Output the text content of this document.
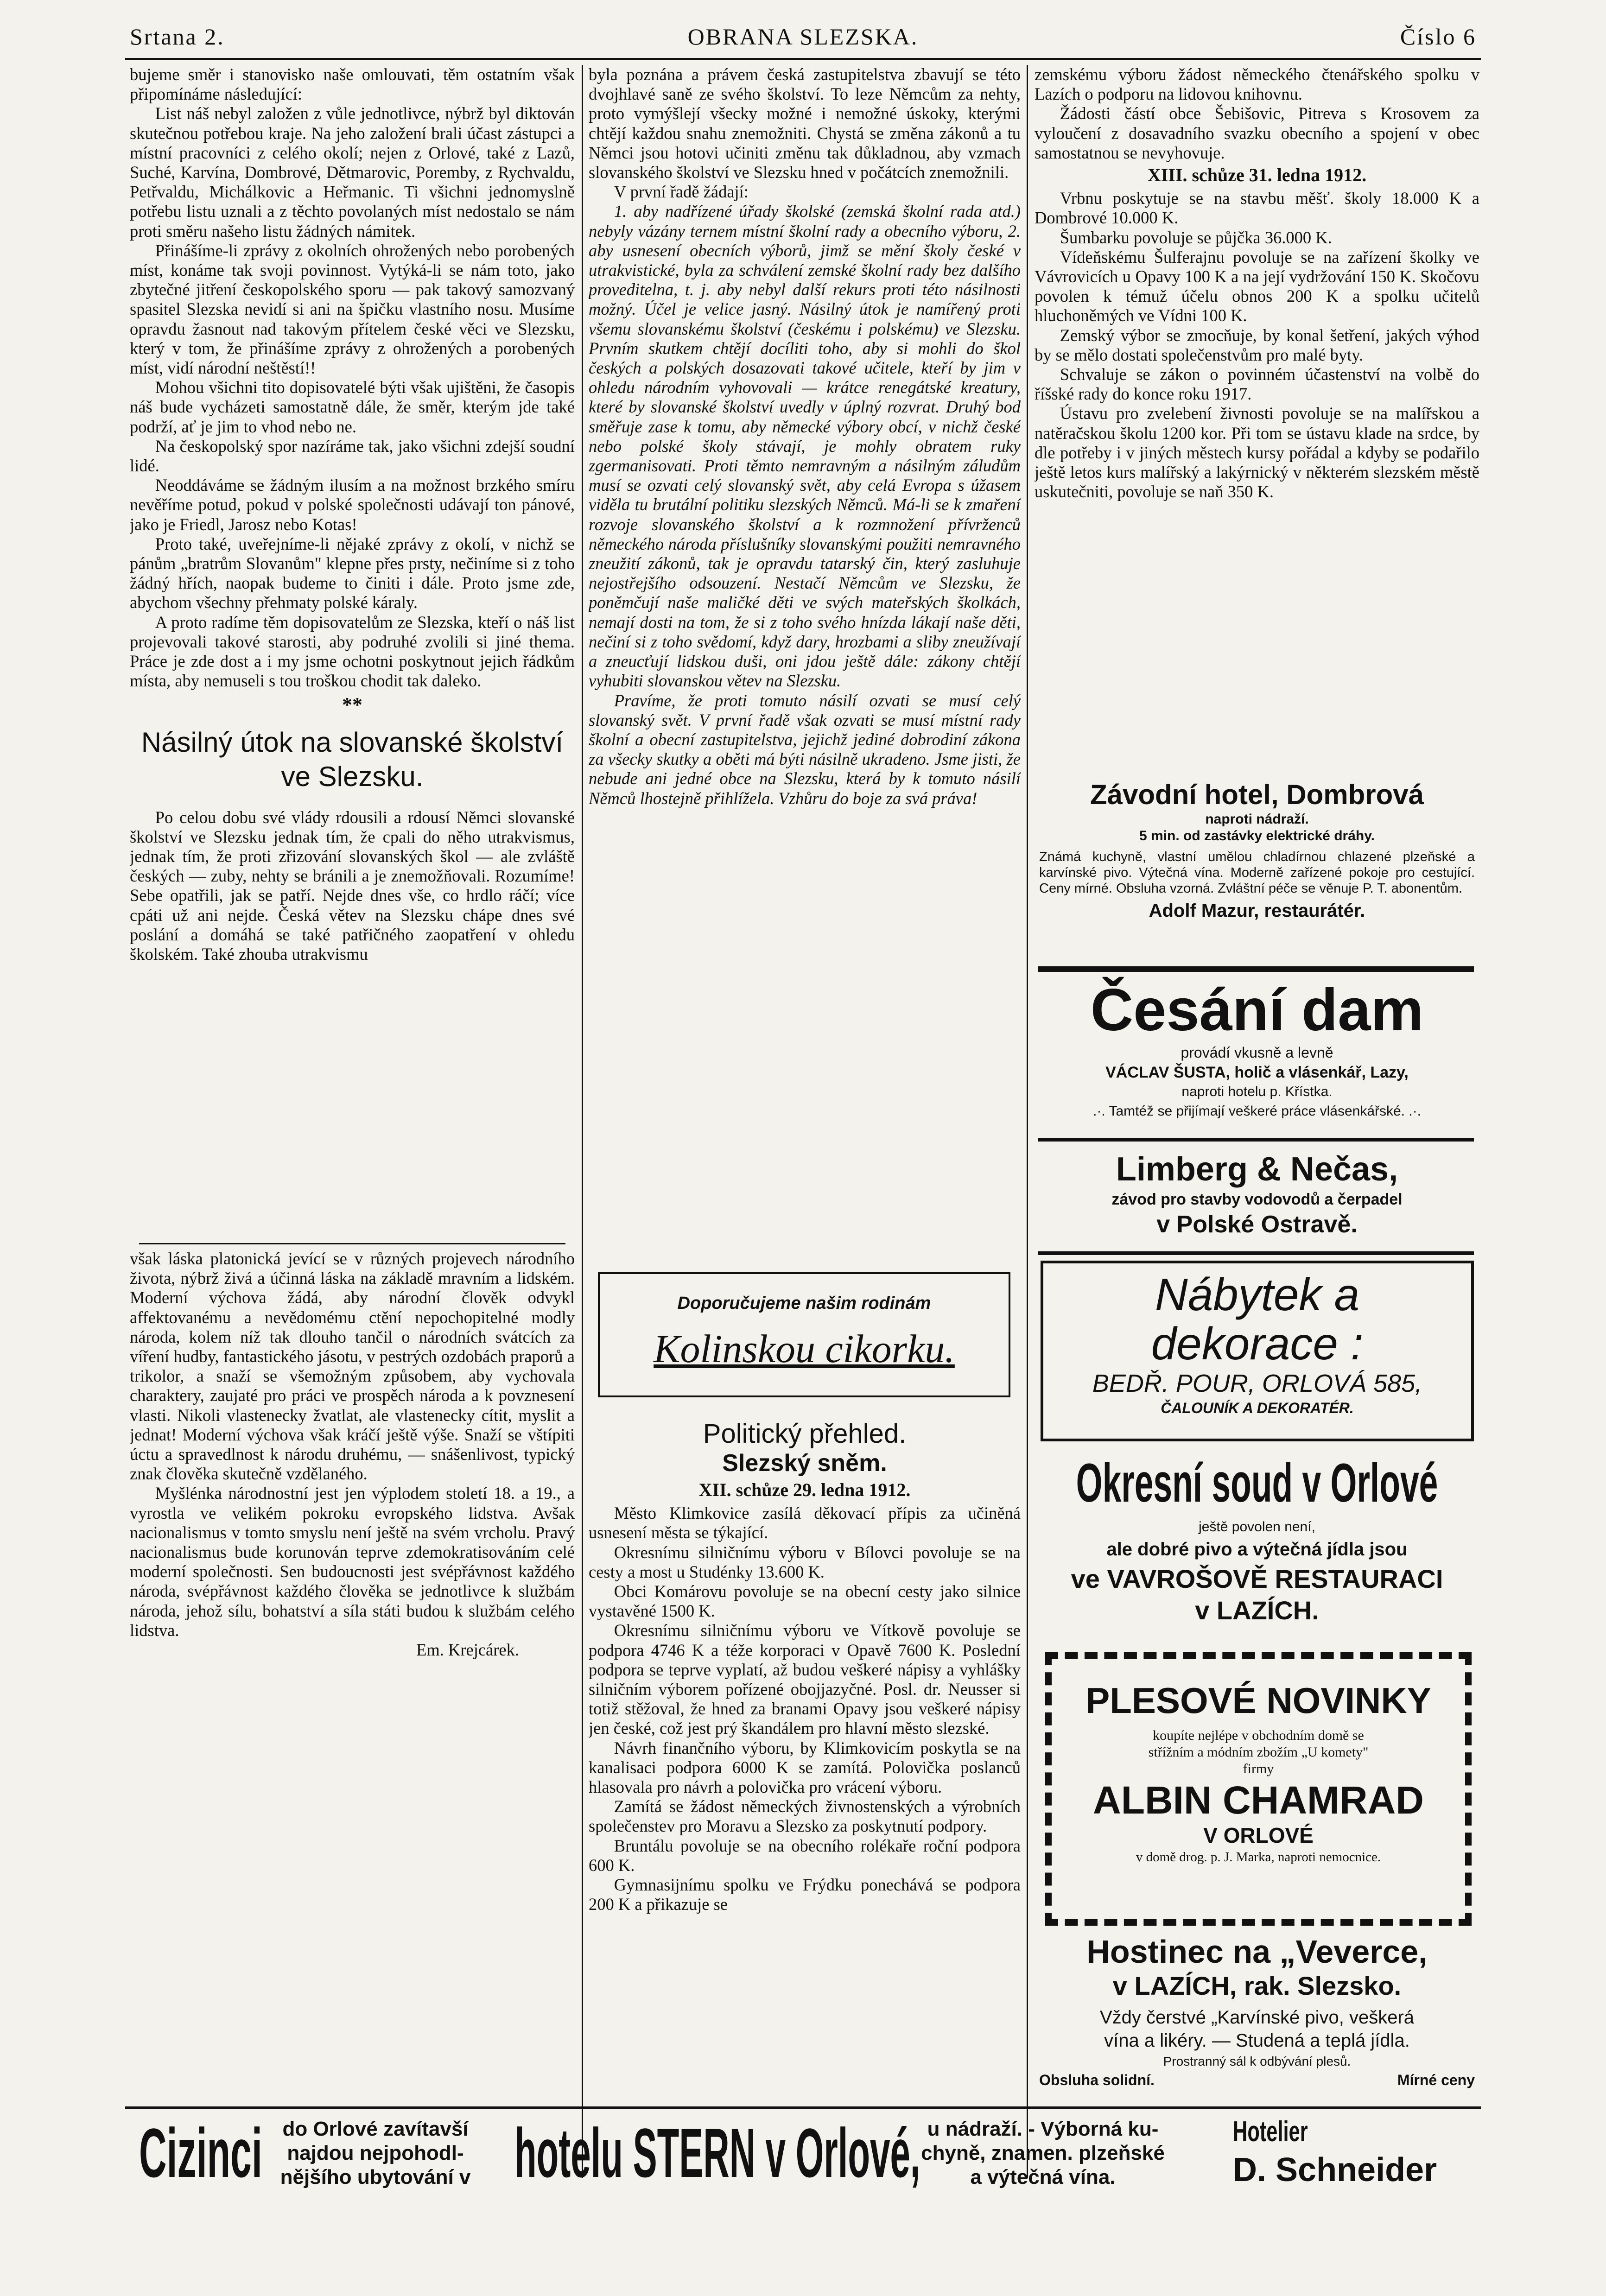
Srtana 2.	OBRANA SLEZSKA.	Číslo 6

bujeme směr i stanovisko naše omlouvati, těm ostatním však připomínáme následující:

List náš nebyl založen z vůle jednotlivce, nýbrž byl diktován skutečnou potřebou kraje. Na jeho založení brali účast zástupci a místní pracovníci z celého okolí; nejen z Orlové, také z Lazů, Suché, Karvína, Dombrové, Dětmarovic, Poremby, z Rychvaldu, Petřvaldu, Michálkovic a Heřmanic. Ti všichni jednomyslně potřebu listu uznali a z těchto povolaných míst nedostalo se nám proti směru našeho listu žádných námitek.

Přinášíme-li zprávy z okolních ohrožených nebo porobených míst, konáme tak svoji povinnost. Vytýká-li se nám toto, jako zbytečné jitření českopolského sporu — pak takový samozvaný spasitel Slezska nevidí si ani na špičku vlastního nosu. Musíme opravdu žasnout nad takovým přítelem české věci ve Slezsku, který v tom, že přinášíme zprávy z ohrožených a porobených míst, vidí národní neštěstí!!

Mohou všichni tito dopisovatelé býti však ujištěni, že časopis náš bude vycházeti samostatně dále, že směr, kterým jde také podrží, ať je jim to vhod nebo ne.

Na českopolský spor nazíráme tak, jako všichni zdejší soudní lidé.

Neoddáváme se žádným ilusím a na možnost brzkého smíru nevěříme potud, pokud v polské společnosti udávají ton pánové, jako je Friedl, Jarosz nebo Kotas!

Proto také, uveřejníme-li nějaké zprávy z okolí, v nichž se pánům „bratrům Slovanům" klepne přes prsty, nečiníme si z toho žádný hřích, naopak budeme to činiti i dále. Proto jsme zde, abychom všechny přehmaty polské káraly.

A proto radíme těm dopisovatelům ze Slezska, kteří o náš list projevovali takové starosti, aby podruhé zvolili si jiné thema. Práce je zde dost a i my jsme ochotni poskytnout jejich řádkům místa, aby nemuseli s tou troškou chodit tak daleko.

**
Násilný útok na slovanské školství ve Slezsku.

Po celou dobu své vlády rdousili a rdousí Němci slovanské školství ve Slezsku jednak tím, že cpali do něho utrakvismus, jednak tím, že proti zřizování slovanských škol — ale zvláště českých — zuby, nehty se bránili a je znemožňovali. Rozumíme! Sebe opatřili, jak se patří. Nejde dnes vše, co hrdlo ráčí; více cpáti už ani nejde. Česká větev na Slezsku chápe dnes své poslání a domáhá se také patřičného zaopatření v ohledu školském. Také zhouba utrakvismu

však láska platonická jevící se v různých projevech národního života, nýbrž živá a účinná láska na základě mravním a lidském. Moderní výchova žádá, aby národní člověk odvykl affektovanému a nevědomému ctění nepochopitelné modly národa, kolem níž tak dlouho tančil o národních svátcích za víření hudby, fantastického jásotu, v pestrých ozdobách praporů a trikolor, a snaží se všemožným způsobem, aby vychovala charaktery, zaujaté pro práci ve prospěch národa a k povznesení vlasti. Nikoli vlastenecky žvatlat, ale vlastenecky cítit, myslit a jednat! Moderní výchova však kráčí ještě výše. Snaží se vštípiti úctu a spravedlnost k národu druhému, — snášenlivost, typický znak člověka skutečně vzdělaného.

Myšlénka národnostní jest jen výplodem století 18. a 19., a vyrostla ve velikém pokroku evropského lidstva. Avšak nacionalismus v tomto smyslu není ještě na svém vrcholu. Pravý nacionalismus bude korunován teprve zdemokratisováním celé moderní společnosti. Sen budoucnosti jest svépřávnost každého národa, svépřávnost každého člověka se jednotlivce k službám národa, jehož sílu, bohatství a síla státi budou k službám celého lidstva.

Em. Krejcárek.

byla poznána a právem česká zastupitelstva zbavují se této dvojhlavé saně ze svého školství. To leze Němcům za nehty, proto vymýšlejí všecky možné i nemožné úskoky, kterými chtějí každou snahu znemožniti. Chystá se změna zákonů a tu Němci jsou hotovi učiniti změnu tak důkladnou, aby vzmach slovanského školství ve Slezsku hned v počátcích znemožnili.

V první řadě žádají:

1. aby nadřízené úřady školské (zemská školní rada atd.) nebyly vázány ternem místní školní rady a obecního výboru, 2. aby usnesení obecních výborů, jimž se mění školy české v utrakvistické, byla za schválení zemské školní rady bez dalšího proveditelna, t. j. aby nebyl další rekurs proti této násilnosti možný. Účel je velice jasný. Násilný útok je namířený proti všemu slovanskému školství (českému i polskému) ve Slezsku. Prvním skutkem chtějí docíliti toho, aby si mohli do škol českých a polských dosazovati takové učitele, kteří by jim v ohledu národním vyhovovali — krátce renegátské kreatury, které by slovanské školství uvedly v úplný rozvrat. Druhý bod směřuje zase k tomu, aby německé výbory obcí, v nichž české nebo polské školy stávají, je mohly obratem ruky zgermanisovati. Proti těmto nemravným a násilným záludům musí se ozvati celý slovanský svět, aby celá Evropa s úžasem viděla tu brutální politiku slezských Němců. Má-li se k zmaření rozvoje slovanského školství a k rozmnožení přívrženců německého národa příslušníky slovanskými použiti nemravného zneužití zákonů, tak je opravdu tatarský čin, který zasluhuje nejostřejšího odsouzení. Nestačí Němcům ve Slezsku, že poněmčují naše maličké děti ve svých mateřských školkách, nemají dosti na tom, že si z toho svého hnízda lákají naše děti, nečiní si z toho svědomí, když dary, hrozbami a sliby zneužívají a zneucťují lidskou duši, oni jdou ještě dále: zákony chtějí vyhubiti slovanskou větev na Slezsku.

Pravíme, že proti tomuto násilí ozvati se musí celý slovanský svět. V první řadě však ozvati se musí místní rady školní a obecní zastupitelstva, jejichž jediné dobrodiní zákona za všecky skutky a oběti má býti násilně ukradeno. Jsme jisti, že nebude ani jedné obce na Slezsku, která by k tomuto násilí Němců lhostejně přihlížela. Vzhůru do boje za svá práva!

Doporučujeme našim rodinám
Kolinskou cikorku.
Politický přehled.
Slezský sněm.
XII. schůze 29. ledna 1912.

Město Klimkovice zasílá děkovací přípis za učiněná usnesení města se týkající.

Okresnímu silničnímu výboru v Bílovci povoluje se na cesty a most u Studénky 13.600 K.

Obci Komárovu povoluje se na obecní cesty jako silnice vystavěné 1500 K.

Okresnímu silničnímu výboru ve Vítkově povoluje se podpora 4746 K a téže korporaci v Opavě 7600 K. Poslední podpora se teprve vyplatí, až budou veškeré nápisy a vyhlášky silničním výborem pořízené obojjazyčné. Posl. dr. Neusser si totiž stěžoval, že hned za branami Opavy jsou veškeré nápisy jen české, což jest prý škandálem pro hlavní město slezské.

Návrh finančního výboru, by Klimkovicím poskytla se na kanalisaci podpora 6000 K se zamítá. Polovička poslanců hlasovala pro návrh a polovička pro vrácení výboru.

Zamítá se žádost německých živnostenských a výrobních společenstev pro Moravu a Slezsko za poskytnutí podpory.

Bruntálu povoluje se na obecního rolékaře roční podpora 600 K.

Gymnasijnímu spolku ve Frýdku ponechává se podpora 200 K a přikazuje se

zemskému výboru žádost německého čtenářského spolku v Lazích o podporu na lidovou knihovnu.

Žádosti částí obce Šebišovic, Pitreva s Krosovem za vyloučení z dosavadního svazku obecního a spojení v obec samostatnou se nevyhovuje.

XIII. schůze 31. ledna 1912.

Vrbnu poskytuje se na stavbu měšť. školy 18.000 K a Dombrové 10.000 K.

Šumbarku povoluje se půjčka 36.000 K.

Vídeňskému Šulferajnu povoluje se na zařízení školky ve Vávrovicích u Opavy 100 K a na její vydržování 150 K. Skočovu povolen k témuž účelu obnos 200 K a spolku učitelů hluchoněmých ve Vídni 100 K.

Zemský výbor se zmocňuje, by konal šetření, jakých výhod by se mělo dostati společenstvům pro malé byty.

Schvaluje se zákon o povinném účastenství na volbě do říšské rady do konce roku 1917.

Ústavu pro zvelebení živnosti povoluje se na malířskou a natěračskou školu 1200 kor. Při tom se ústavu klade na srdce, by dle potřeby i v jiných městech kursy pořádal a kdyby se podařilo ještě letos kurs malířský a lakýrnický v některém slezském městě uskutečniti, povoluje se naň 350 K.

Závodní hotel, Dombrová
naproti nádraží.
5 min. od zastávky elektrické dráhy.
Známá kuchyně, vlastní umělou chladírnou chlazené plzeňské a karvínské pivo. Výtečná vína. Moderně zařízené pokoje pro cestující. Ceny mírné. Obsluha vzorná. Zvláštní péče se věnuje P. T. abonentům.
Adolf Mazur, restaurátér.
Česání dam
provádí vkusně a levně
VÁCLAV ŠUSTA, holič a vlásenkář, Lazy,
naproti hotelu p. Křístka.
.·. Tamtéž se přijímají veškeré práce vlásenkářské. .·.
Limberg & Nečas,
závod pro stavby vodovodů a čerpadel
v Polské Ostravě.
Nábytek a
dekorace :
BEDŘ. POUR, ORLOVÁ 585,
ČALOUNÍK A DEKORATÉR.
Okresní soud v Orlové
ještě povolen není,
ale dobré pivo a výtečná jídla jsou
ve VAVROŠOVĚ RESTAURACI
v LAZÍCH.
PLESOVÉ NOVINKY
koupíte nejlépe v obchodním domě se
střížním a módním zbožím „U komety"
firmy
ALBIN CHAMRAD
V ORLOVÉ
v domě drog. p. J. Marka, naproti nemocnice.
Hostinec na „Veverce,
v LAZÍCH, rak. Slezsko.
Vždy čerstvé „Karvínské pivo, veškerá
vína a likéry. — Studená a teplá jídla.
Prostranný sál k odbývání plesů.
Obsluha solidní.	Mírné ceny
Cizinci do Orlové zavítavší
najdou nejpohodl-
nějšího ubytování v hotelu STERN v Orlové, u nádraží. - Výborná ku-
chyně, znamen. plzeňské
a výtečná vína.
Hotelier
D. Schneider
